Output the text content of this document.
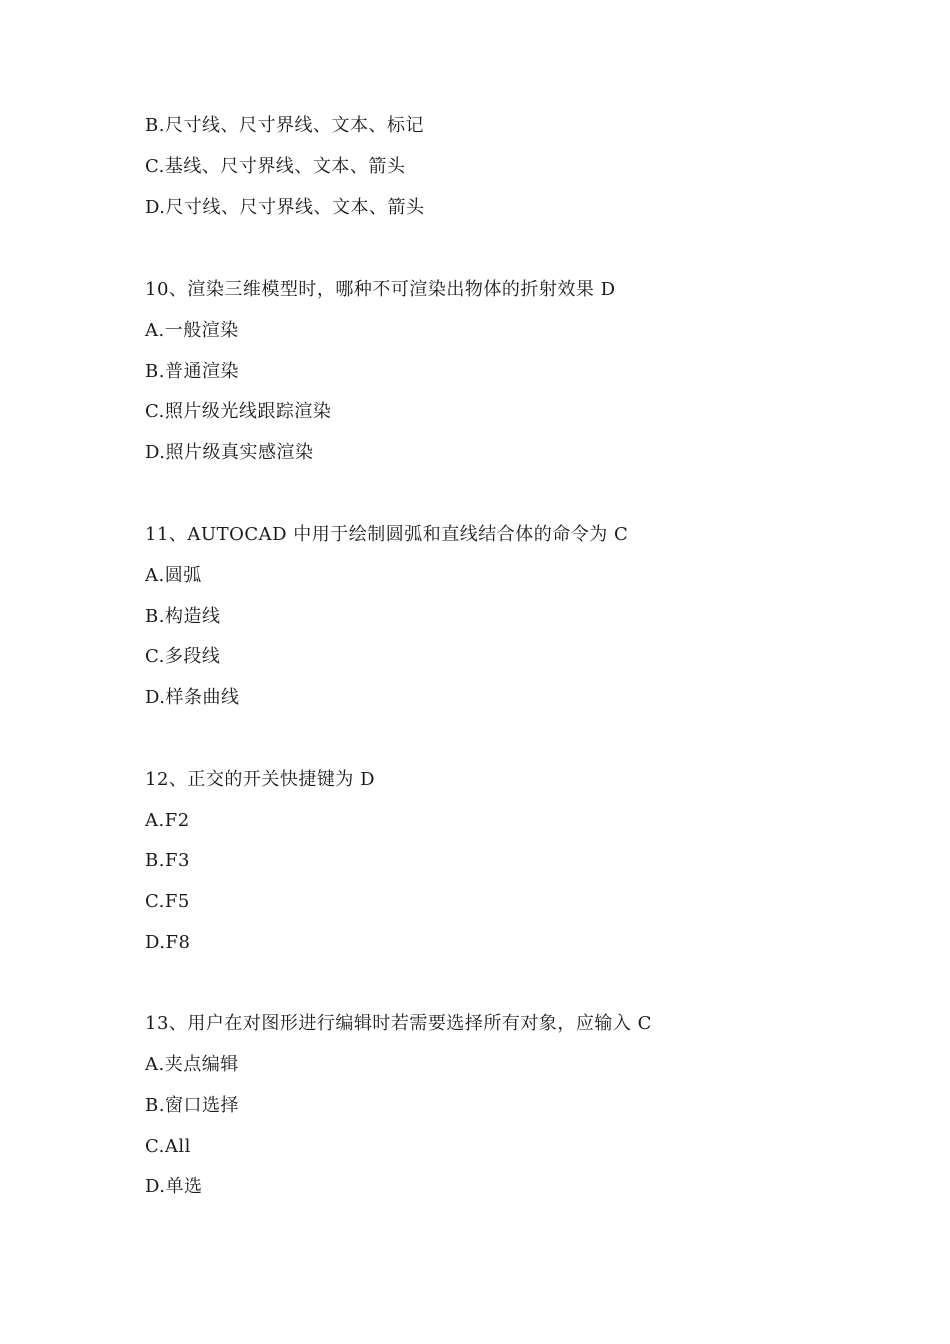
B.尺寸线、尺寸界线、文本、标记
C.基线、尺寸界线、文本、箭头
D.尺寸线、尺寸界线、文本、箭头
10、渲染三维模型时，哪种不可渲染出物体的折射效果 D
A.一般渲染
B.普通渲染
C.照片级光线跟踪渲染
D.照片级真实感渲染
11、AUTOCAD 中用于绘制圆弧和直线结合体的命令为 C
A.圆弧
B.构造线
C.多段线
D.样条曲线
12、正交的开关快捷键为 D
A.F2
B.F3
C.F5
D.F8
13、用户在对图形进行编辑时若需要选择所有对象，应输入 C
A.夹点编辑
B.窗口选择
C.All
D.单选
